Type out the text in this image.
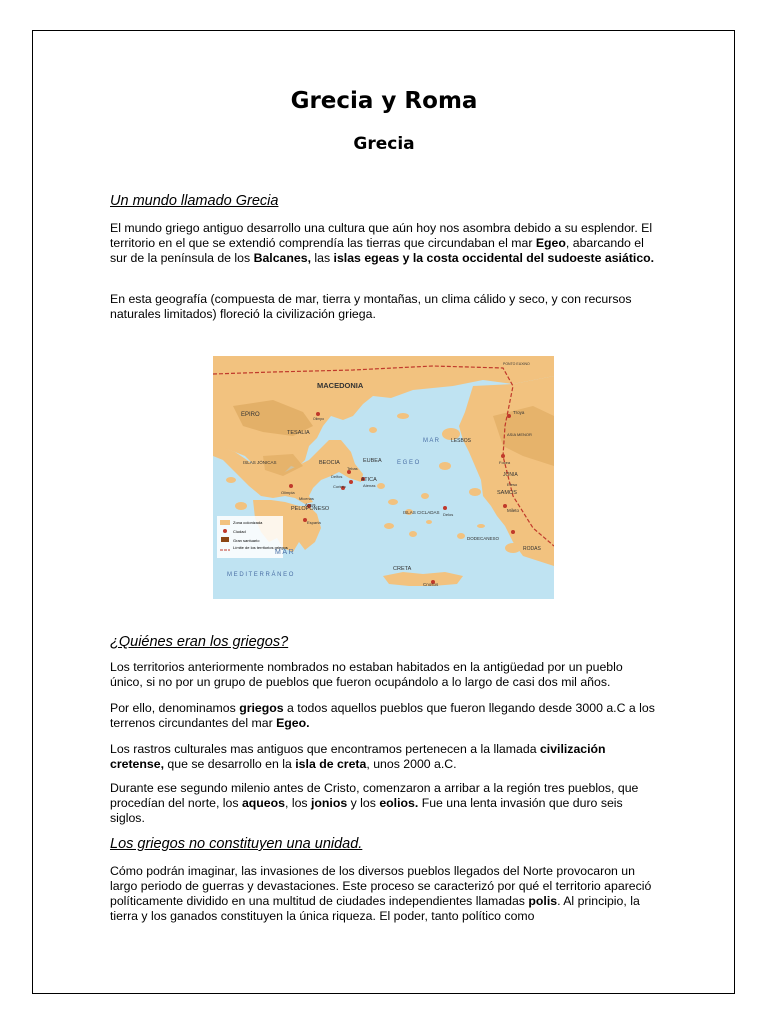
Grecia y Roma
Grecia

Un mundo llamado Grecia

El mundo griego antiguo desarrollo una cultura que aún hoy nos asombra debido a su esplendor. El territorio en el que se extendió comprendía las tierras que circundaban el mar Egeo, abarcando el sur de la península de los Balcanes, las islas egeas y la costa occidental del sudoeste asiático.

En esta geografía (compuesta de mar, tierra y montañas, un clima cálido y seco, y con recursos naturales limitados) floreció la civilización griega.

Zona colonizada
Ciudad
Gran santuario
Límite de los territorios griegos
MACEDONIA
EPIRO
TESALIA
BEOCIA	EUBEA
ATICA
PELOPONESO
Troya
LESBOS
ASIA MENOR
JONIA
SAMOS
Mileto
RODAS
CRETA
Cnosos
M A R
E G E O
M A R
M E D I T E R R Á N E O
DODECANESO
ISLAS CICLADAS
ISLAS JÓNICAS
PONTO EUXINO
Olimpo
Delfos
Tebas
Corinto	Atenas
Olimpia
Micenas
Argos
Esparta
Delos
Efeso
Focea

¿Quiénes eran los griegos?

Los territorios anteriormente nombrados no estaban habitados en la antigüedad por un pueblo único, si no por un grupo de pueblos que fueron ocupándolo a lo largo de casi dos mil años.

Por ello, denominamos griegos a todos aquellos pueblos que fueron llegando desde 3000 a.C a los terrenos circundantes del mar Egeo.

Los rastros culturales mas antiguos que encontramos pertenecen a la llamada civilización cretense, que se desarrollo en la isla de creta, unos 2000 a.C.

Durante ese segundo milenio antes de Cristo, comenzaron a arribar a la región tres pueblos, que procedían del norte, los aqueos, los jonios y los eolios. Fue una lenta invasión que duro seis siglos.

Los griegos no constituyen una unidad.

Cómo podrán imaginar, las invasiones de los diversos pueblos llegados del Norte provocaron un largo periodo de guerras y devastaciones. Este proceso se caracterizó por qué el territorio apareció políticamente dividido en una multitud de ciudades independientes llamadas polis. Al principio, la tierra y los ganados constituyen la única riqueza. El poder, tanto político como
